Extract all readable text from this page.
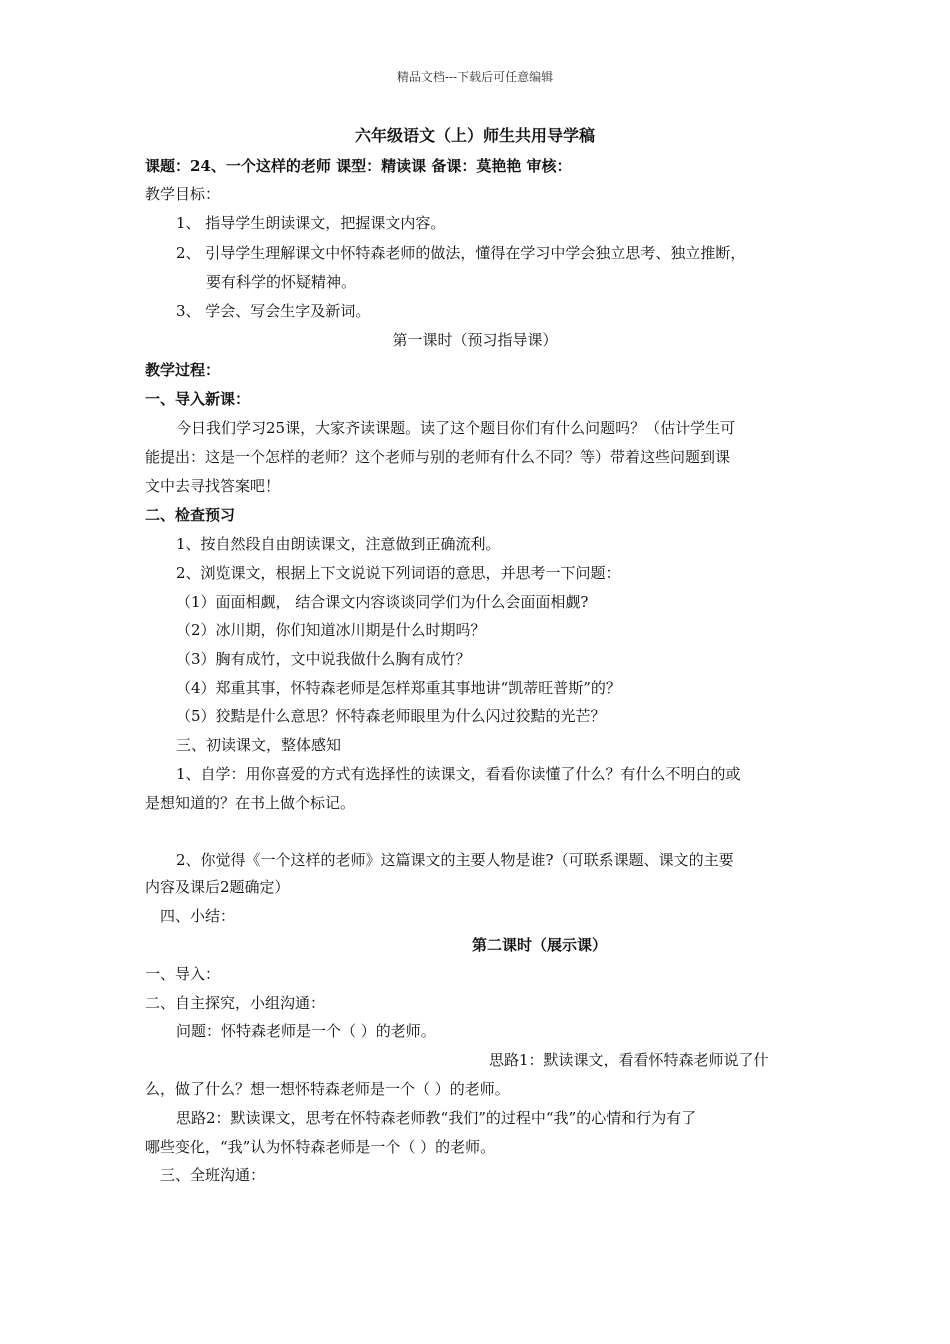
精品文档---下载后可任意编辑
六年级语文（上）师生共用导学稿
课题：24、一个这样的老师 课型：精读课 备课：莫艳艳 审核：
教学目标：
1、 指导学生朗读课文，把握课文内容。
2、 引导学生理解课文中怀特森老师的做法，懂得在学习中学会独立思考、独立推断，
要有科学的怀疑精神。
3、 学会、写会生字及新词。
第一课时（预习指导课）
教学过程：
一、导入新课：
今日我们学习25课，大家齐读课题。读了这个题目你们有什么问题吗？（估计学生可
能提出：这是一个怎样的老师？这个老师与别的老师有什么不同？等）带着这些问题到课
文中去寻找答案吧！
二、检查预习
1、按自然段自由朗读课文，注意做到正确流利。
2、浏览课文，根据上下文说说下列词语的意思，并思考一下问题：
（1）面面相觑， 结合课文内容谈谈同学们为什么会面面相觑?
（2）冰川期，你们知道冰川期是什么时期吗？
（3）胸有成竹，文中说我做什么胸有成竹？
（4）郑重其事，怀特森老师是怎样郑重其事地讲“凯蒂旺普斯”的？
（5）狡黠是什么意思？怀特森老师眼里为什么闪过狡黠的光芒？
三、初读课文，整体感知
1、自学：用你喜爱的方式有选择性的读课文，看看你读懂了什么？有什么不明白的或
是想知道的？在书上做个标记。
2、你觉得《一个这样的老师》这篇课文的主要人物是谁?（可联系课题、课文的主要
内容及课后2题确定）
四、小结：
第二课时（展示课）
一、导入：
二、自主探究，小组沟通：
问题：怀特森老师是一个（ ）的老师。
思路1：默读课文，看看怀特森老师说了什
么，做了什么？想一想怀特森老师是一个（ ）的老师。
思路2：默读课文，思考在怀特森老师教“我们”的过程中“我”的心情和行为有了
哪些变化，“我”认为怀特森老师是一个（ ）的老师。
三、全班沟通：
